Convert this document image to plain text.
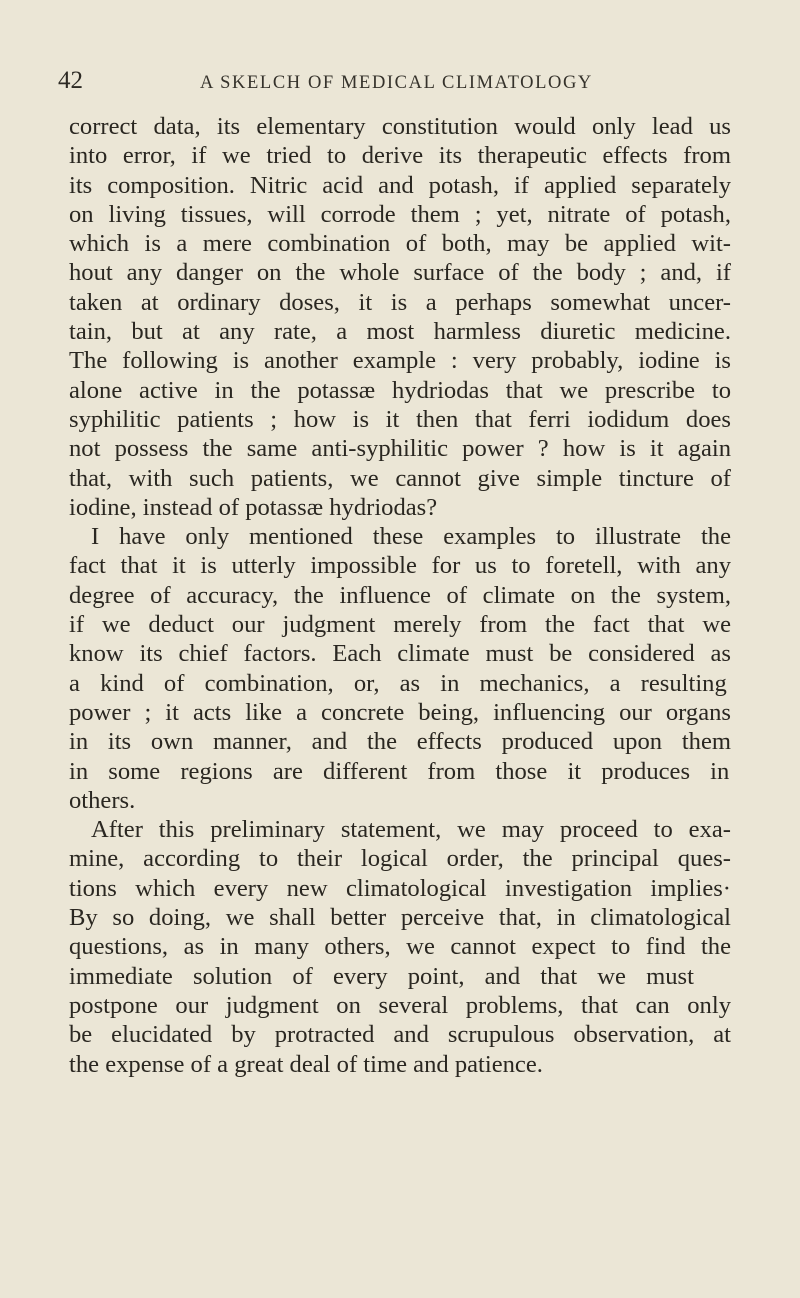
42	A SKELCH OF MEDICAL CLIMATOLOGY
correct data, its elementary constitution would only lead us
into error, if we tried to derive its therapeutic effects from
its composition. Nitric acid and potash, if applied separately
on living tissues, will corrode them ; yet, nitrate of potash,
which is a mere combination of both, may be applied wit-
hout any danger on the whole surface of the body ; and, if
taken at ordinary doses, it is a perhaps somewhat uncer-
tain, but at any rate, a most harmless diuretic medicine.
The following is another example : very probably, iodine is
alone active in the potassæ hydriodas that we prescribe to
syphilitic patients ; how is it then that ferri iodidum does
not possess the same anti-syphilitic power ? how is it again
that, with such patients, we cannot give simple tincture of
iodine, instead of potassæ hydriodas?
I have only mentioned these examples to illustrate the
fact that it is utterly impossible for us to foretell, with any
degree of accuracy, the influence of climate on the system,
if we deduct our judgment merely from the fact that we
know its chief factors. Each climate must be considered as
a kind of combination, or, as in mechanics, a resulting
power ; it acts like a concrete being, influencing our organs
in its own manner, and the effects produced upon them
in some regions are different from those it produces in
others.
After this preliminary statement, we may proceed to exa-
mine, according to their logical order, the principal ques-
tions which every new climatological investigation implies·
By so doing, we shall better perceive that, in climatological
questions, as in many others, we cannot expect to find the
immediate solution of every point, and that we must
postpone our judgment on several problems, that can only
be elucidated by protracted and scrupulous observation, at
the expense of a great deal of time and patience.
